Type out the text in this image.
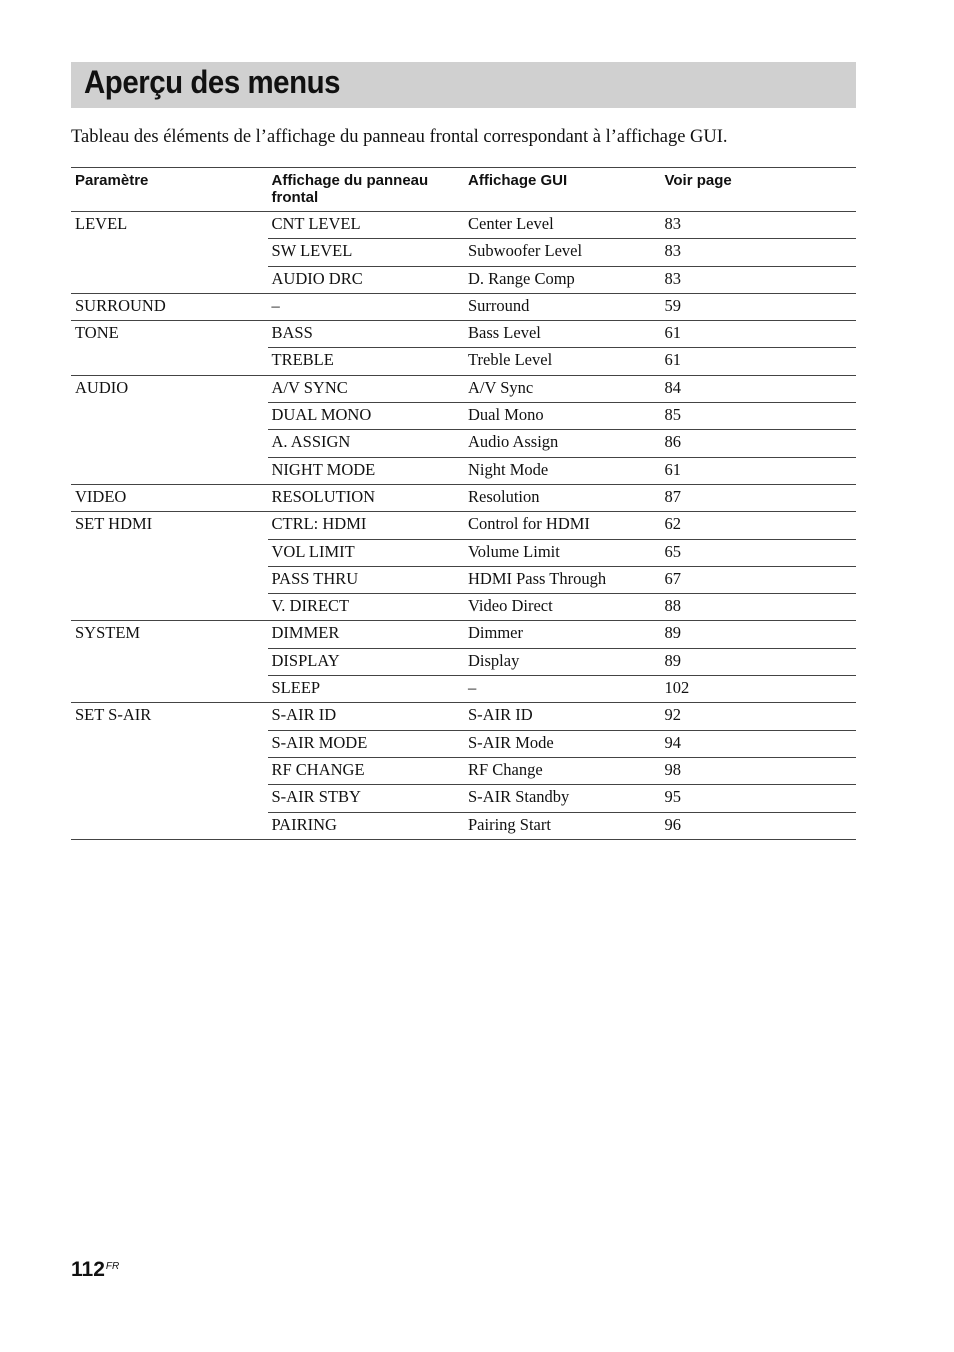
Aperçu des menus

Tableau des éléments de l’affichage du panneau frontal correspondant à l’affichage GUI.

Paramètre	Affichage du panneau frontal	Affichage GUI	Voir page
LEVEL	CNT LEVEL	Center Level	83
	SW LEVEL	Subwoofer Level	83
	AUDIO DRC	D. Range Comp	83
SURROUND	–	Surround	59
TONE	BASS	Bass Level	61
	TREBLE	Treble Level	61
AUDIO	A/V SYNC	A/V Sync	84
	DUAL MONO	Dual Mono	85
	A. ASSIGN	Audio Assign	86
	NIGHT MODE	Night Mode	61
VIDEO	RESOLUTION	Resolution	87
SET HDMI	CTRL: HDMI	Control for HDMI	62
	VOL LIMIT	Volume Limit	65
	PASS THRU	HDMI Pass Through	67
	V. DIRECT	Video Direct	88
SYSTEM	DIMMER	Dimmer	89
	DISPLAY	Display	89
	SLEEP	–	102
SET S-AIR	S-AIR ID	S-AIR ID	92
	S-AIR MODE	S-AIR Mode	94
	RF CHANGE	RF Change	98
	S-AIR STBY	S-AIR Standby	95
	PAIRING	Pairing Start	96
$112^{FR}$
